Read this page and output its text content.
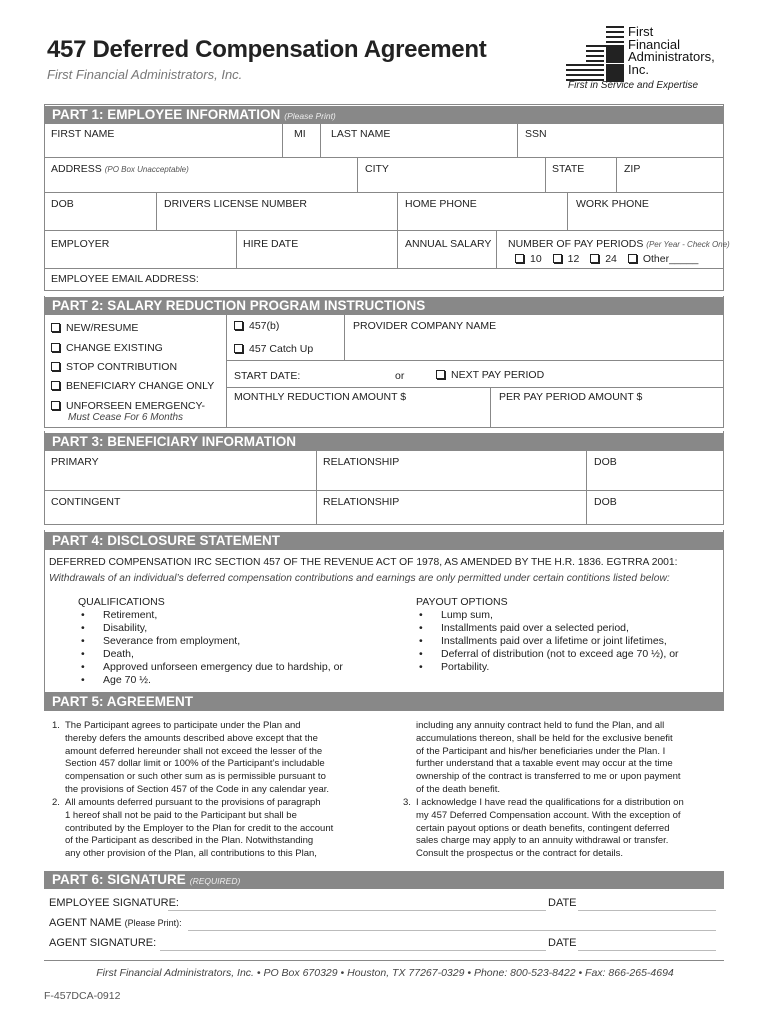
457 Deferred Compensation Agreement
First Financial Administrators, Inc.
First
Financial
Administrators,
Inc.
First in Service and Expertise
PART 1: EMPLOYEE INFORMATION (Please Print)
FIRST NAME	MI LAST NAME	SSN
ADDRESS (PO Box Unacceptable)	CITY	STATE	ZIP
DOB	DRIVERS LICENSE NUMBER	HOME PHONE	WORK PHONE
EMPLOYER	HIRE DATE	ANNUAL SALARY NUMBER OF PAY PERIODS (Per Year - Check One)
10 12 24 Other_____
EMPLOYEE EMAIL ADDRESS:
PART 2: SALARY REDUCTION PROGRAM INSTRUCTIONS
NEW/RESUME
CHANGE EXISTING
STOP CONTRIBUTION
BENEFICIARY CHANGE ONLY
UNFORSEEN EMERGENCY-
Must Cease For 6 Months
457(b)
457 Catch Up
PROVIDER COMPANY NAME
START DATE:	or	NEXT PAY PERIOD
MONTHLY REDUCTION AMOUNT $	PER PAY PERIOD AMOUNT $
PART 3: BENEFICIARY INFORMATION
PRIMARY	RELATIONSHIP	DOB
CONTINGENT	RELATIONSHIP	DOB
PART 4: DISCLOSURE STATEMENT
DEFERRED COMPENSATION IRC SECTION 457 OF THE REVENUE ACT OF 1978, AS AMENDED BY THE H.R. 1836. EGTRRA 2001:
Withdrawals of an individual’s deferred compensation contributions and earnings are only permitted under certain contitions listed below:
QUALIFICATIONS
• Retirement,
• Disability,
• Severance from employment,
• Death,
• Approved unforseen emergency due to hardship, or
• Age 70 ½.
PAYOUT OPTIONS
• Lump sum,
• Installments paid over a selected period,
• Installments paid over a lifetime or joint lifetimes,
• Deferral of distribution (not to exceed age 70 ½), or
• Portability.
PART 5: AGREEMENT
1. The Participant agrees to participate under the Plan and
thereby defers the amounts described above except that the
amount deferred hereunder shall not exceed the lesser of the
Section 457 dollar limit or 100% of the Participant’s includable
compensation or such other sum as is permissible pursuant to
the provisions of Section 457 of the Code in any calendar year.
2. All amounts deferred pursuant to the provisions of paragraph
1 hereof shall not be paid to the Participant but shall be
contributed by the Employer to the Plan for credit to the account
of the Participant as described in the Plan. Notwithstanding
any other provision of the Plan, all contributions to this Plan,
including any annuity contract held to fund the Plan, and all
accumulations thereon, shall be held for the exclusive benefit
of the Participant and his/her beneficiaries under the Plan. I
further understand that a taxable event may occur at the time
ownership of the contract is transferred to me or upon payment
of the death benefit.
3. I acknowledge I have read the qualifications for a distribution on
my 457 Deferred Compensation account. With the exception of
certain payout options or death benefits, contingent deferred
sales charge may apply to an annuity withdrawal or transfer.
Consult the prospectus or the contract for details.
PART 6: SIGNATURE (REQUIRED)
EMPLOYEE SIGNATURE:	DATE
AGENT NAME (Please Print):
AGENT SIGNATURE:	DATE
First Financial Administrators, Inc. • PO Box 670329 • Houston, TX 77267-0329 • Phone: 800-523-8422 • Fax: 866-265-4694
F-457DCA-0912
